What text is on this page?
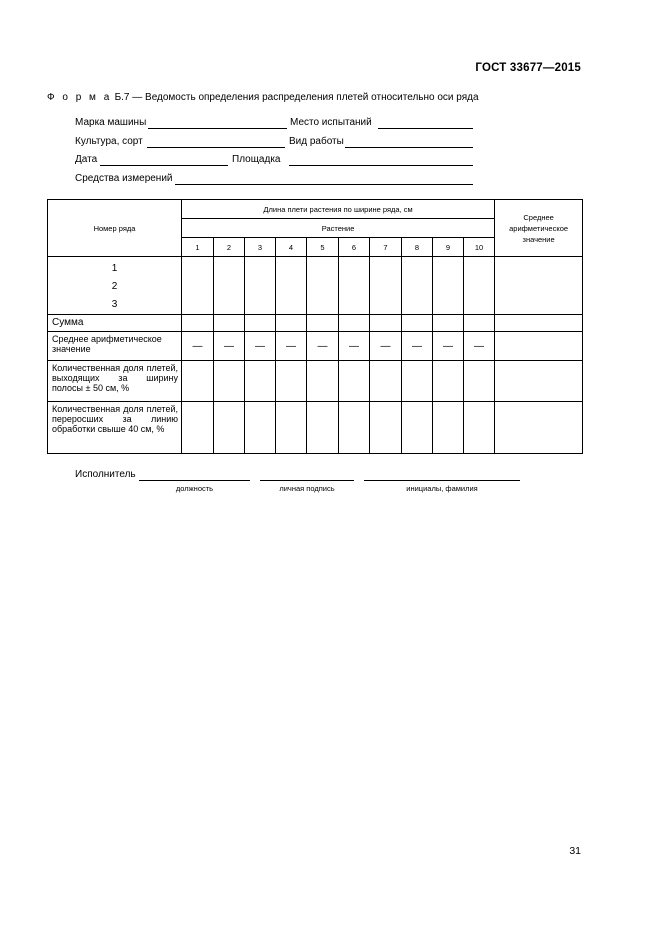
ГОСТ 33677—2015
Ф о р м а Б.7 — Ведомость определения распределения плетей относительно оси ряда
Марка машины	Место испытаний
Культура, сорт	Вид работы
Дата	Площадка
Средства измерений
Номер ряда	Длина плети растения по ширине ряда, см										Среднее арифметическое значение
	Растение										
	1	2	3	4	5	6	7	8	9	10	

1
2
3											

Сумма											
Среднее арифметическое значение	—	—	—	—	—	—	—	—	—	—	
Количественная доля плетей, выходящих за ширину полосы ± 50 см, %											
Количественная доля плетей, переросших за линию обработки свыше 40 см, %											
Исполнитель
должность	личная подпись	инициалы, фамилия
31
